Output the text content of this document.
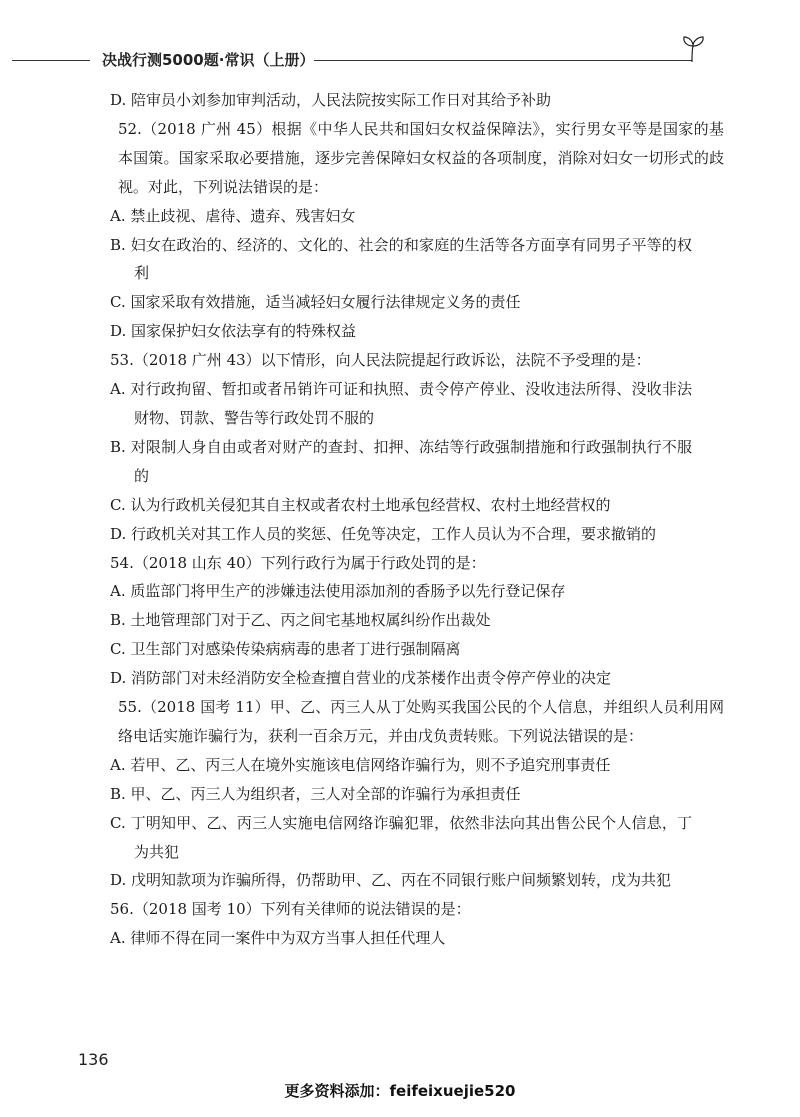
决战行测5000题·常识（上册）
D. 陪审员小刘参加审判活动，人民法院按实际工作日对其给予补助
52.（2018 广州 45）根据《中华人民共和国妇女权益保障法》，实行男女平等是国家的基本国策。国家采取必要措施，逐步完善保障妇女权益的各项制度，消除对妇女一切形式的歧视。对此，下列说法错误的是：
A. 禁止歧视、虐待、遗弃、残害妇女
B. 妇女在政治的、经济的、文化的、社会的和家庭的生活等各方面享有同男子平等的权利
C. 国家采取有效措施，适当减轻妇女履行法律规定义务的责任
D. 国家保护妇女依法享有的特殊权益
53.（2018 广州 43）以下情形，向人民法院提起行政诉讼，法院不予受理的是：
A. 对行政拘留、暂扣或者吊销许可证和执照、责令停产停业、没收违法所得、没收非法财物、罚款、警告等行政处罚不服的
B. 对限制人身自由或者对财产的查封、扣押、冻结等行政强制措施和行政强制执行不服的
C. 认为行政机关侵犯其自主权或者农村土地承包经营权、农村土地经营权的
D. 行政机关对其工作人员的奖惩、任免等决定，工作人员认为不合理，要求撤销的
54.（2018 山东 40）下列行政行为属于行政处罚的是：
A. 质监部门将甲生产的涉嫌违法使用添加剂的香肠予以先行登记保存
B. 土地管理部门对于乙、丙之间宅基地权属纠纷作出裁处
C. 卫生部门对感染传染病病毒的患者丁进行强制隔离
D. 消防部门对未经消防安全检查擅自营业的戊茶楼作出责令停产停业的决定
55.（2018 国考 11）甲、乙、丙三人从丁处购买我国公民的个人信息，并组织人员利用网络电话实施诈骗行为，获利一百余万元，并由戊负责转账。下列说法错误的是：
A. 若甲、乙、丙三人在境外实施该电信网络诈骗行为，则不予追究刑事责任
B. 甲、乙、丙三人为组织者，三人对全部的诈骗行为承担责任
C. 丁明知甲、乙、丙三人实施电信网络诈骗犯罪，依然非法向其出售公民个人信息，丁为共犯
D. 戊明知款项为诈骗所得，仍帮助甲、乙、丙在不同银行账户间频繁划转，戊为共犯
56.（2018 国考 10）下列有关律师的说法错误的是：
A. 律师不得在同一案件中为双方当事人担任代理人
136
更多资料添加：feifeixuejie520
